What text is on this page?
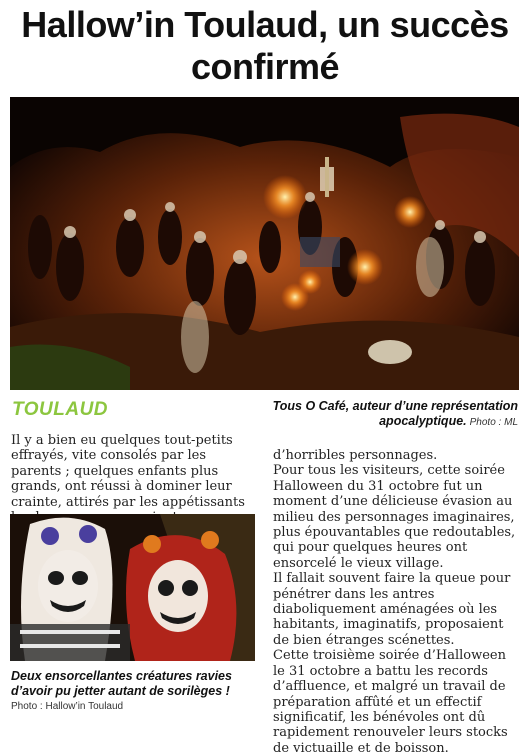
Hallow’in Toulaud, un succès
confirmé
TOULAUD	Tous O Café, auteur d’une représentation apocalyptique. Photo : ML

Il y a bien eu quelques tout-petits effrayés, vite consolés par les parents ; quelques enfants plus grands, ont réussi à dominer leur crainte, attirés par les appétissants

Deux ensorcellantes créatures ravies d’avoir pu jetter autant de sorilèges !
Photo : Hallow’in Toulaud

d’horribles personnages.

Pour tous les visiteurs, cette soirée Halloween du 31 octobre fut un moment d’une délicieuse évasion au milieu des personnages imaginaires, plus épouvantables que redoutables, qui pour quelques heures ont ensorcelé le vieux village.

Il fallait souvent faire la queue pour pénétrer dans les antres diaboliquement aménagées où les habitants, imaginatifs, proposaient de bien étranges scénettes.

Cette troisième soirée d’Halloween le 31 octobre a battu les records d’affluence, et malgré un travail de préparation affûté et un effectif significatif, les bénévoles ont dû rapidement renouveler leurs stocks de victuaille et de boisson.
